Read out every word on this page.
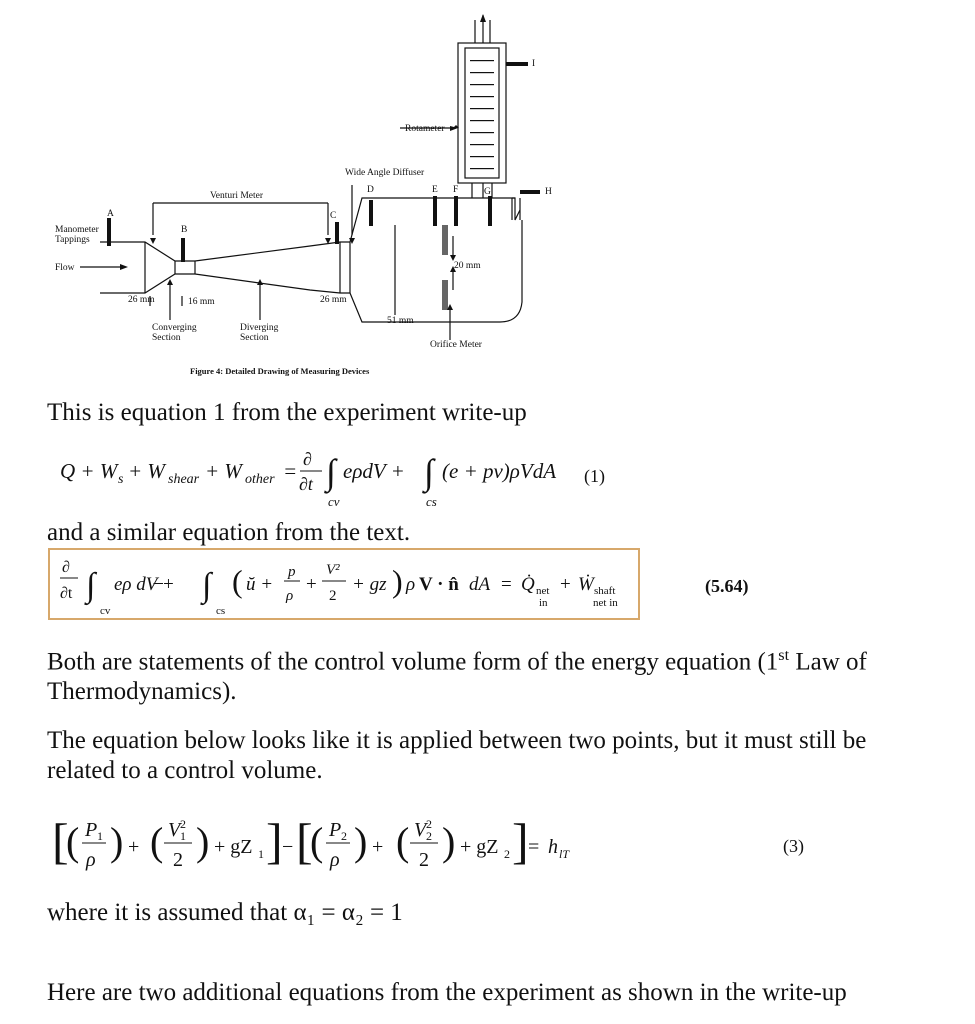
Manometer
Tappings
Flow
Venturi Meter
Wide Angle Diffuser
Rotameter
Converging
Section
Diverging
Section
Orifice Meter
26 mm	16 mm	26 mm
51 mm
20 mm
A
B
C
D	E F	G	H
I
Figure 4: Detailed Drawing of Measuring Devices

This is equation 1 from the experiment write-up

Q + W s + W shear + W other = ∂
∂t ∫ eρdV + ∫ (e + pv)ρVdA
cv	cs
(1)

and a similar equation from the text.

∂
∂t ∫
cv
eρ dV̶ + ∫
cs
( ŭ +
p
ρ
+
V²
2
+ gz ) ρ V · n̂ dA = Q̇ net
in
+ Ẇ shaft
net in
(5.64)

Both are statements of the control volume form of the energy equation (1st Law of Thermodynamics).

The equation below looks like it is applied between two points, but it must still be related to a control volume.

[
( P 1
ρ ) + ( V 1
2
2 ) + gZ 1 ] − [
( P 2
ρ ) + ( V 2
2
2 ) + gZ 2 ] = h lT	(3)

where it is assumed that α₁ = α₂ = 1

Here are two additional equations from the experiment as shown in the write-up
